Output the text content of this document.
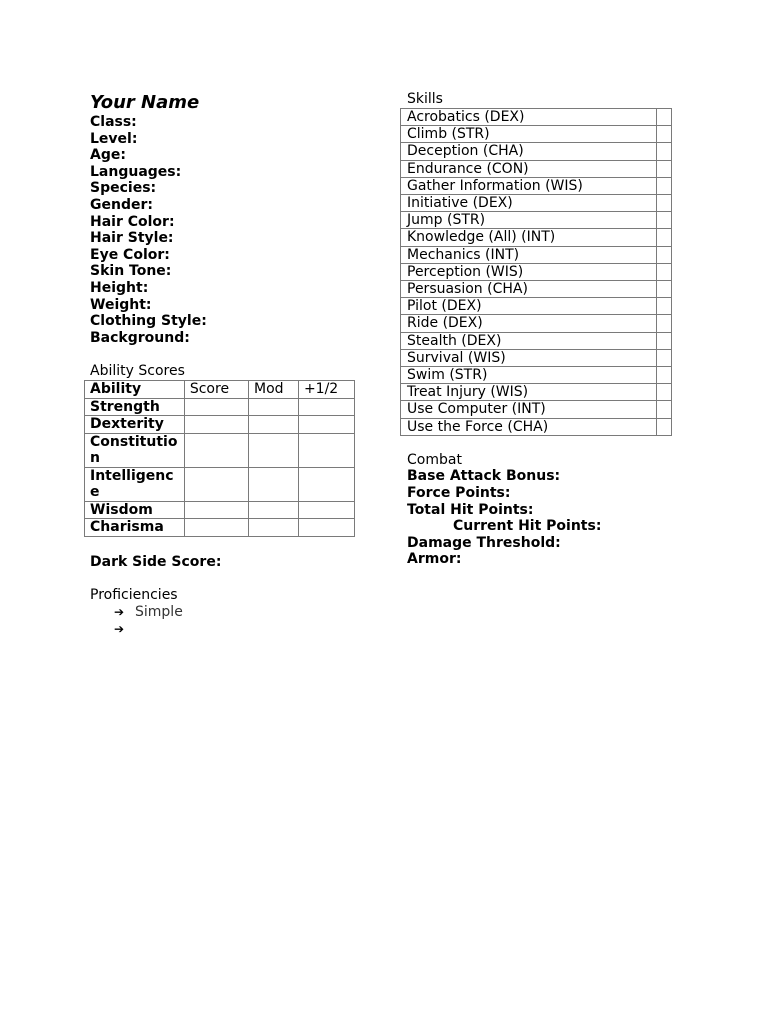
Your Name

Class:

Level:

Age:

Languages:

Species:

Gender:

Hair Color:

Hair Style:

Eye Color:

Skin Tone:

Height:

Weight:

Clothing Style:

Background:

Ability Scores

Ability	Score	Mod	+1/2
Strength			
Dexterity			
Constitution			
Intelligence			
Wisdom			
Charisma			

Dark Side Score:

Proficiencies

➔ Simple
➔
Skills
Acrobatics (DEX)	
Climb (STR)	
Deception (CHA)	
Endurance (CON)	
Gather Information (WIS)	
Initiative (DEX)	
Jump (STR)	
Knowledge (All) (INT)	
Mechanics (INT)	
Perception (WIS)	
Persuasion (CHA)	
Pilot (DEX)	
Ride (DEX)	
Stealth (DEX)	
Survival (WIS)	
Swim (STR)	
Treat Injury (WIS)	
Use Computer (INT)	
Use the Force (CHA)	

Combat

Base Attack Bonus:

Force Points:

Total Hit Points:

Current Hit Points:

Damage Threshold:

Armor:
